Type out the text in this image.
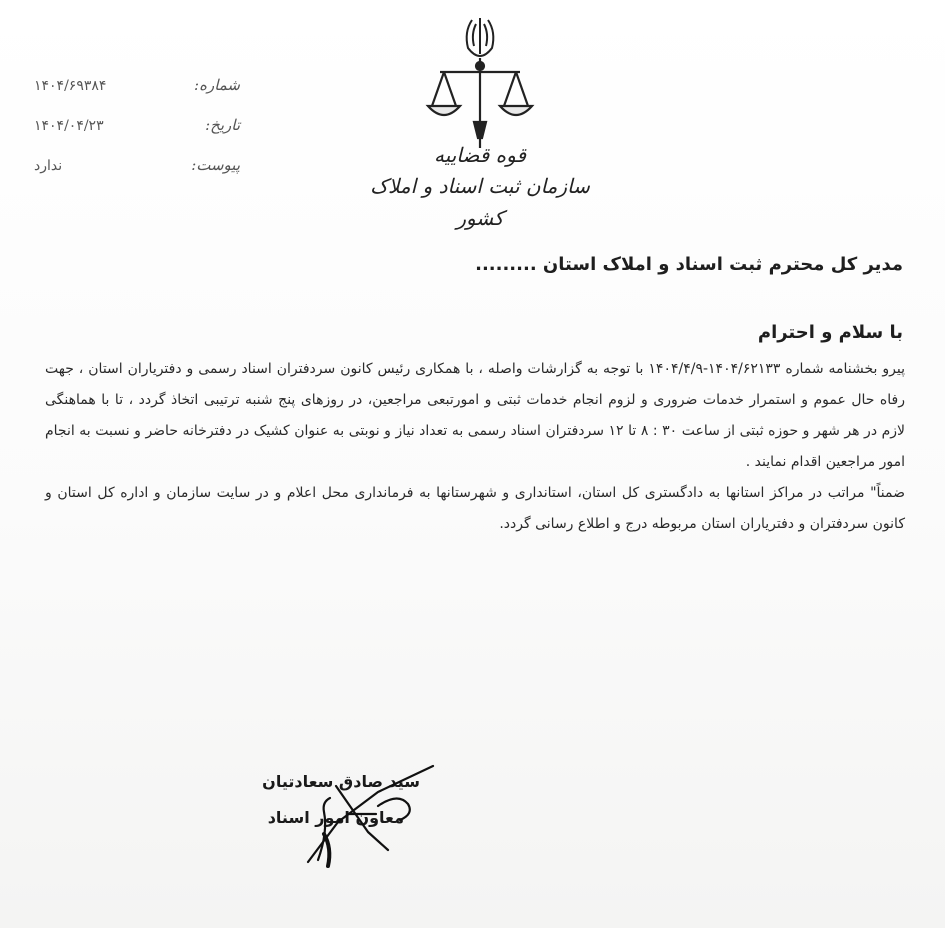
قوه قضاییه
سازمان ثبت اسناد و املاک کشور
شماره:
۱۴۰۴/۶۹۳۸۴
تاریخ:
۱۴۰۴/۰۴/۲۳
پیوست:
ندارد
مدیر کل محترم ثبت اسناد و املاک استان .........
با سلام و احترام

پیرو بخشنامه شماره ۱۴۰۴/۶۲۱۳۳-۱۴۰۴/۴/۹ با توجه به گزارشات واصله ، با همکاری رئیس کانون سردفتران اسناد رسمی و دفتریاران استان ، جهت رفاه حال عموم و استمرار خدمات ضروری و لزوم انجام خدمات ثبتی و امورتبعی مراجعین، در روزهای پنج شنبه ترتیبی اتخاذ گردد ، تا با هماهنگی لازم در هر شهر و حوزه ثبتی از ساعت ۳۰ : ۸ تا ۱۲ سردفتران اسناد رسمی به تعداد نیاز و نوبتی به عنوان کشیک در دفترخانه حاضر و نسبت به انجام امور مراجعین اقدام نمایند .

ضمناً" مراتب در مراکز استانها به دادگستری کل استان، استانداری و شهرستانها به فرمانداری محل اعلام و در سایت سازمان و اداره کل استان و کانون سردفتران و دفتریاران استان مربوطه درج و اطلاع رسانی گردد.

سید صادق سعادتیان
معاون امور اسناد
